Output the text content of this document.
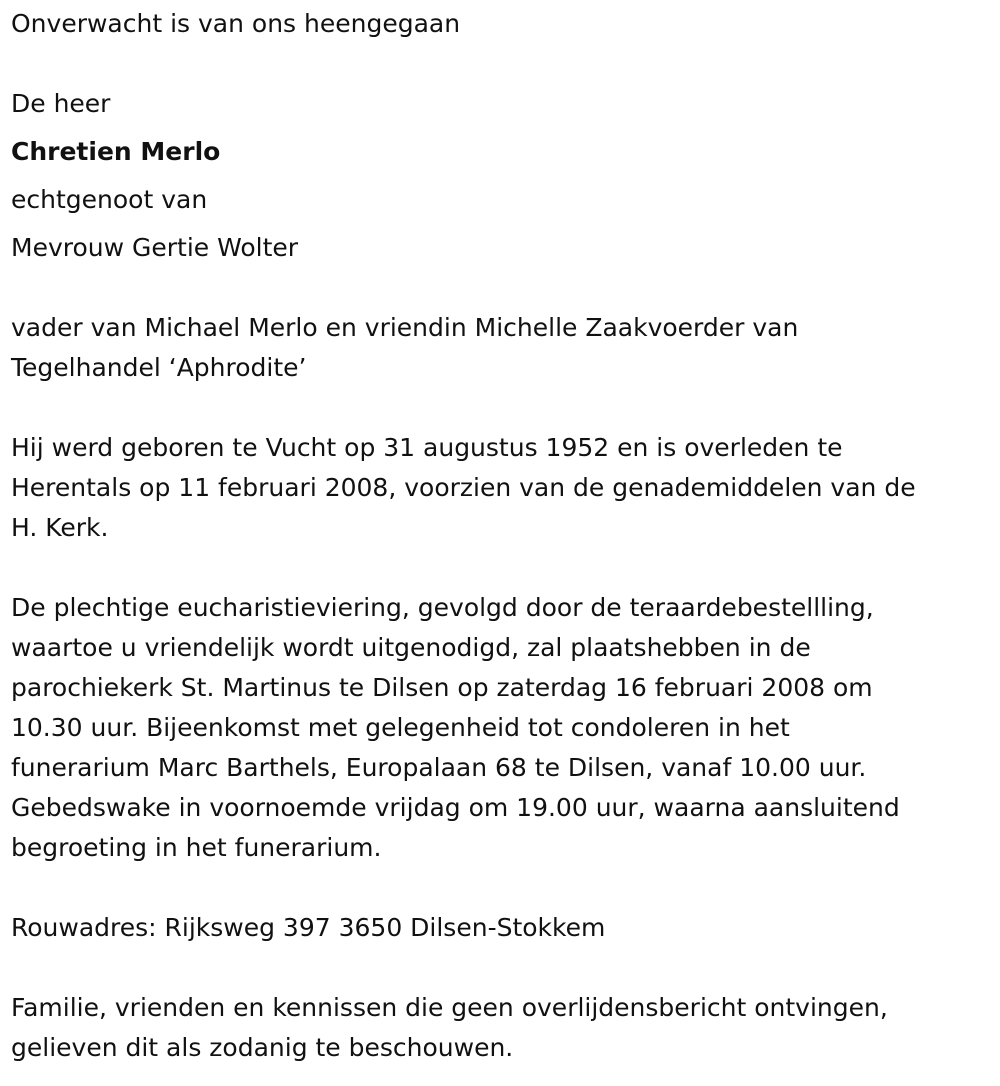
Onverwacht is van ons heengegaan
De heer
Chretien Merlo
echtgenoot van
Mevrouw Gertie Wolter
vader van Michael Merlo en vriendin Michelle Zaakvoerder van
Tegelhandel ‘Aphrodite’
Hij werd geboren te Vucht op 31 augustus 1952 en is overleden te
Herentals op 11 februari 2008, voorzien van de genademiddelen van de
H. Kerk.
De plechtige eucharistieviering, gevolgd door de teraardebestellling,
waartoe u vriendelijk wordt uitgenodigd, zal plaatshebben in de
parochiekerk St. Martinus te Dilsen op zaterdag 16 februari 2008 om
10.30 uur. Bijeenkomst met gelegenheid tot condoleren in het
funerarium Marc Barthels, Europalaan 68 te Dilsen, vanaf 10.00 uur.
Gebedswake in voornoemde vrijdag om 19.00 uur, waarna aansluitend
begroeting in het funerarium.
Rouwadres: Rijksweg 397 3650 Dilsen-Stokkem
Familie, vrienden en kennissen die geen overlijdensbericht ontvingen,
gelieven dit als zodanig te beschouwen.
